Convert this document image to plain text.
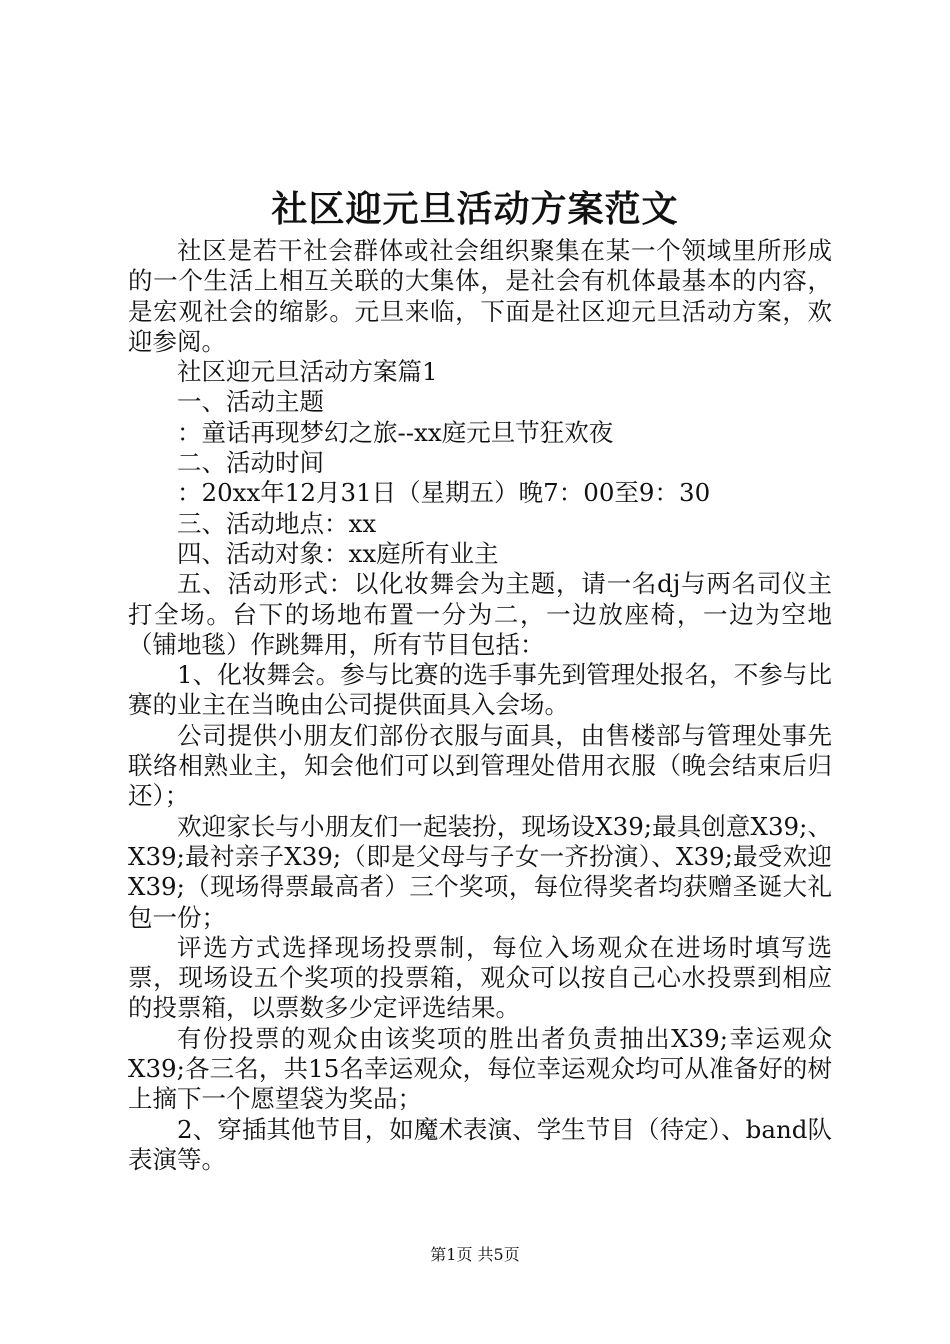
社区迎元旦活动方案范文

社区是若干社会群体或社会组织聚集在某一个领域里所形成的一个生活上相互关联的大集体，是社会有机体最基本的内容，是宏观社会的缩影。元旦来临，下面是社区迎元旦活动方案，欢迎参阅。

社区迎元旦活动方案篇1

一、活动主题

：童话再现梦幻之旅--xx庭元旦节狂欢夜

二、活动时间

：20xx年12月31日（星期五）晚7：00至9：30

三、活动地点：xx

四、活动对象：xx庭所有业主

五、活动形式：以化妆舞会为主题，请一名dj与两名司仪主打全场。台下的场地布置一分为二，一边放座椅，一边为空地（铺地毯）作跳舞用，所有节目包括：

1、化妆舞会。参与比赛的选手事先到管理处报名，不参与比赛的业主在当晚由公司提供面具入会场。

公司提供小朋友们部份衣服与面具，由售楼部与管理处事先联络相熟业主，知会他们可以到管理处借用衣服（晚会结束后归还）；

欢迎家长与小朋友们一起装扮，现场设X39;最具创意X39;、X39;最衬亲子X39;（即是父母与子女一齐扮演）、X39;最受欢迎X39;（现场得票最高者）三个奖项，每位得奖者均获赠圣诞大礼包一份；

评选方式选择现场投票制，每位入场观众在进场时填写选票，现场设五个奖项的投票箱，观众可以按自己心水投票到相应的投票箱，以票数多少定评选结果。

有份投票的观众由该奖项的胜出者负责抽出X39;幸运观众X39;各三名，共15名幸运观众，每位幸运观众均可从准备好的树上摘下一个愿望袋为奖品；

2、穿插其他节目，如魔术表演、学生节目（待定）、band队表演等。

第1页 共5页
